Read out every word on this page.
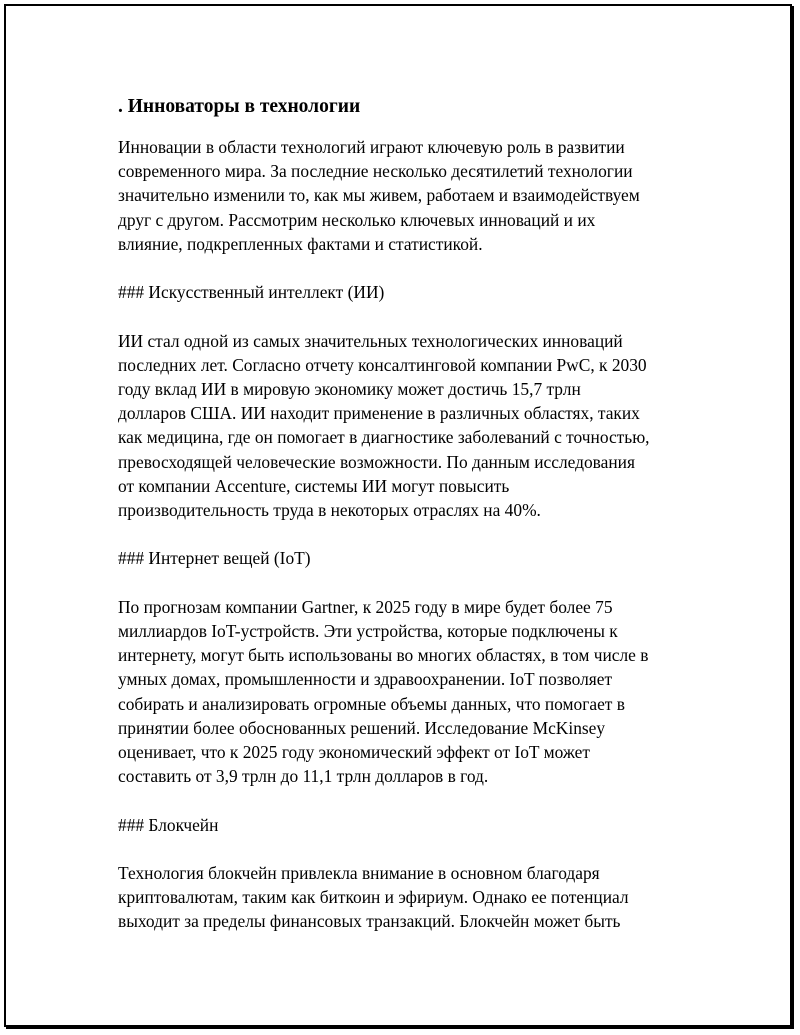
. Инноваторы в технологии
Инновации в области технологий играют ключевую роль в развитии
современного мира. За последние несколько десятилетий технологии
значительно изменили то, как мы живем, работаем и взаимодействуем
друг с другом. Рассмотрим несколько ключевых инноваций и их
влияние, подкрепленных фактами и статистикой.
### Искусственный интеллект (ИИ)
ИИ стал одной из самых значительных технологических инноваций
последних лет. Согласно отчету консалтинговой компании PwC, к 2030
году вклад ИИ в мировую экономику может достичь 15,7 трлн
долларов США. ИИ находит применение в различных областях, таких
как медицина, где он помогает в диагностике заболеваний с точностью,
превосходящей человеческие возможности. По данным исследования
от компании Accenture, системы ИИ могут повысить
производительность труда в некоторых отраслях на 40%.
### Интернет вещей (IoT)
По прогнозам компании Gartner, к 2025 году в мире будет более 75
миллиардов IoT-устройств. Эти устройства, которые подключены к
интернету, могут быть использованы во многих областях, в том числе в
умных домах, промышленности и здравоохранении. IoT позволяет
собирать и анализировать огромные объемы данных, что помогает в
принятии более обоснованных решений. Исследование McKinsey
оценивает, что к 2025 году экономический эффект от IoT может
составить от 3,9 трлн до 11,1 трлн долларов в год.
### Блокчейн
Технология блокчейн привлекла внимание в основном благодаря
криптовалютам, таким как биткоин и эфириум. Однако ее потенциал
выходит за пределы финансовых транзакций. Блокчейн может быть
